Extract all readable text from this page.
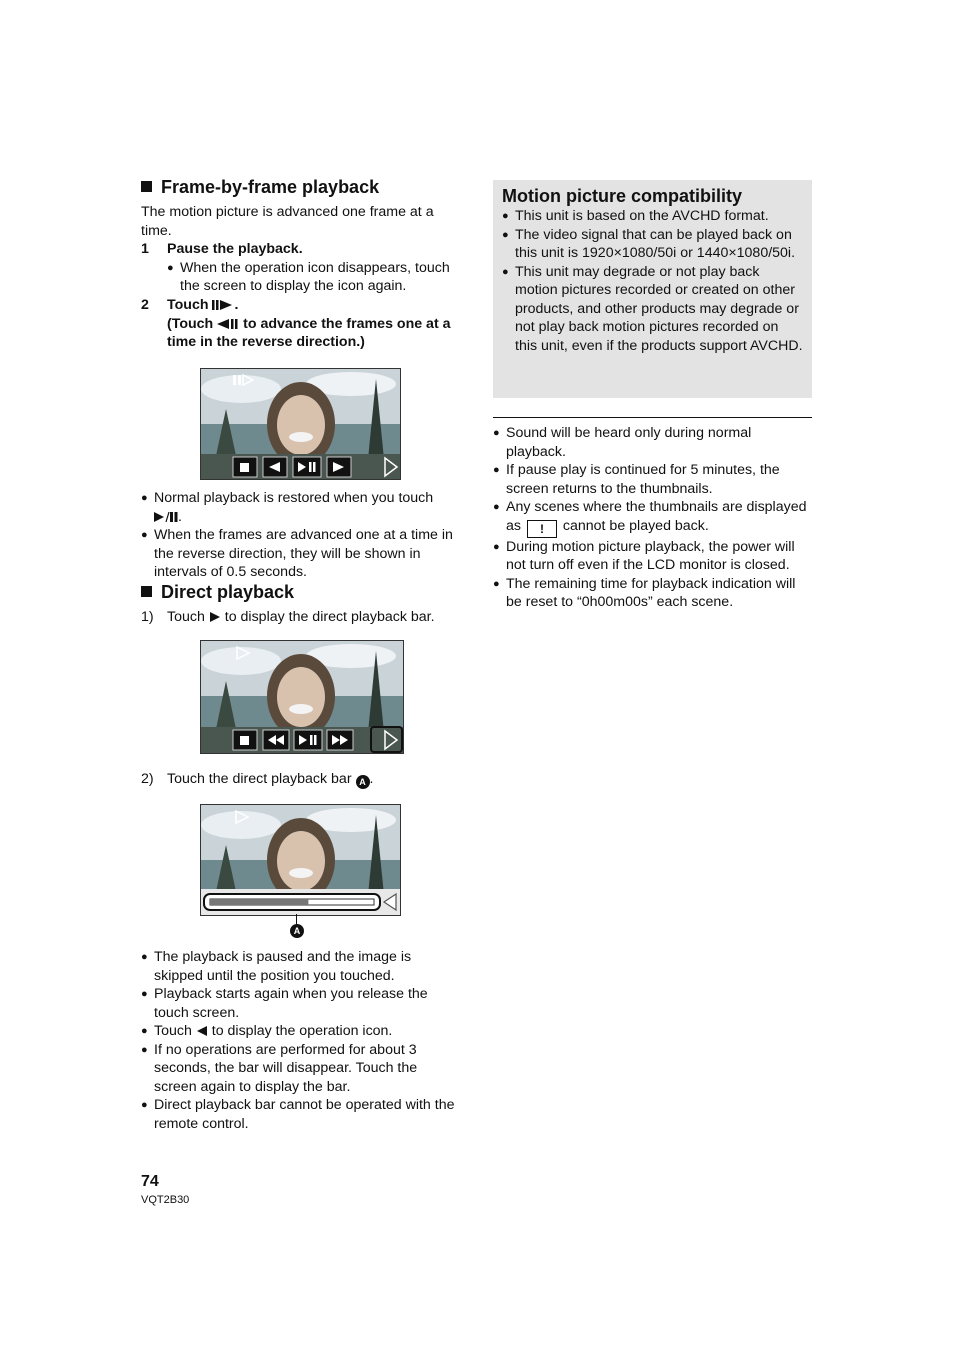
Frame-by-frame playback

The motion picture is advanced one frame at a time.

1	Pause the playback.
● When the operation icon disappears, touch the screen to display the icon again.
2	Touch .
(Touch to advance the frames one at a time in the reverse direction.)
● Normal playback is restored when you touch
.
● When the frames are advanced one at a time in the reverse direction, they will be shown in intervals of 0.5 seconds.
Direct playback
1) Touch to display the direct playback bar.
2) Touch the direct playback bar A .
A
● The playback is paused and the image is skipped until the position you touched.
● Playback starts again when you release the touch screen.
● Touch to display the operation icon.
● If no operations are performed for about 3 seconds, the bar will disappear. Touch the screen again to display the bar.
● Direct playback bar cannot be operated with the remote control.
Motion picture compatibility
● This unit is based on the AVCHD format.
● The video signal that can be played back on this unit is 1920×1080/50i or 1440×1080/50i.
● This unit may degrade or not play back motion pictures recorded or created on other products, and other products may degrade or not play back motion pictures recorded on this unit, even if the products support AVCHD.
● Sound will be heard only during normal playback.
● If pause play is continued for 5 minutes, the screen returns to the thumbnails.
● Any scenes where the thumbnails are displayed as ! cannot be played back.
● During motion picture playback, the power will not turn off even if the LCD monitor is closed.
● The remaining time for playback indication will be reset to “0h00m00s” each scene.
74
VQT2B30
